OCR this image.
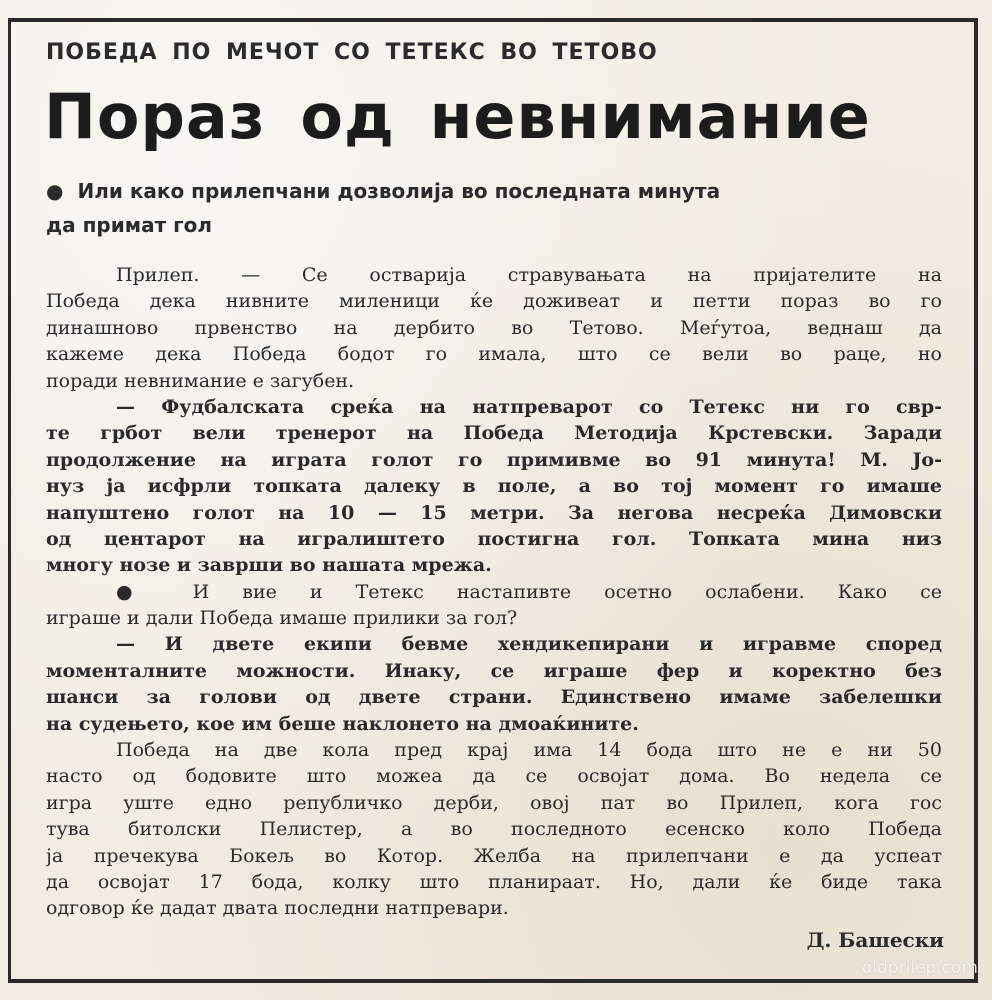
ПОБЕДА ПО МЕЧОТ СО ТЕТЕКС ВО ТЕТОВО
Пораз од невнимание
● Или како прилепчани дозволија во последната минута
да примат гол
Прилеп. — Се остварија стравувањата на пријателите на
Победа дека нивните миленици ќе доживеат и петти пораз во го
динашново првенство на дербито во Тетово. Меѓутоа, веднаш да
кажеме дека Победа бодот го имала, што се вели во раце, но
поради невнимание е загубен.
— Фудбалската среќа на натпреварот со Тетекс ни го свр-
те грбот вели тренерот на Победа Методија Крстевски. Заради
продолжение на играта голот го примивме во 91 минута! М. Јо-
нуз ја исфрли топката далеку в поле, а во тој момент го имаше
напуштено голот на 10 — 15 метри. За негова несреќа Димовски
од центарот на игралиштето постигна гол. Топката мина низ
многу нозе и заврши во нашата мрежа.
● И вие и Тетекс настапивте осетно ослабени. Како се
играше и дали Победа имаше прилики за гол?
— И двете екипи бевме хендикепирани и игравме според
моменталните можности. Инаку, се играше фер и коректно без
шанси за голови од двете страни. Единствено имаме забелешки
на судењето, кое им беше наклонето на дмоаќините.
Победа на две кола пред крај има 14 бода што не е ни 50
насто од бодовите што можеа да се освојат дома. Во недела се
игра уште едно републичко дерби, овој пат во Прилеп, кога гос
тува битолски Пелистер, а во последното есенско коло Победа
ја пречекува Бокељ во Котор. Желба на прилепчани е да успеат
да освојат 17 бода, колку што планираат. Но, дали ќе биде така
одговор ќе дадат двата последни натпревари.
Д. Башески
oldprilep.com
